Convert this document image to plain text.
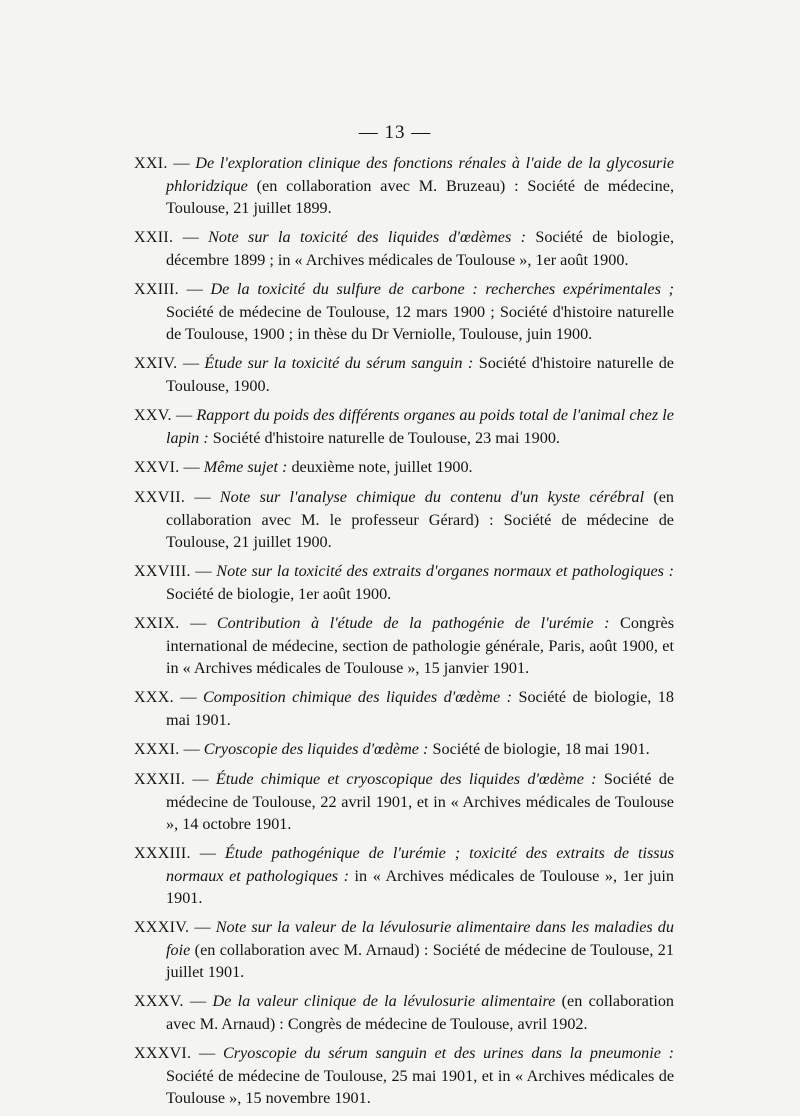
— 13 —

XXI. — De l'exploration clinique des fonctions rénales à l'aide de la glycosurie phloridzique (en collaboration avec M. Bruzeau) : Société de médecine, Toulouse, 21 juillet 1899.

XXII. — Note sur la toxicité des liquides d'œdèmes : Société de biologie, décembre 1899 ; in « Archives médicales de Toulouse », 1er août 1900.

XXIII. — De la toxicité du sulfure de carbone : recherches expérimentales ; Société de médecine de Toulouse, 12 mars 1900 ; Société d'histoire naturelle de Toulouse, 1900 ; in thèse du Dr Verniolle, Toulouse, juin 1900.

XXIV. — Étude sur la toxicité du sérum sanguin : Société d'histoire naturelle de Toulouse, 1900.

XXV. — Rapport du poids des différents organes au poids total de l'animal chez le lapin : Société d'histoire naturelle de Toulouse, 23 mai 1900.

XXVI. — Même sujet : deuxième note, juillet 1900.

XXVII. — Note sur l'analyse chimique du contenu d'un kyste cérébral (en collaboration avec M. le professeur Gérard) : Société de médecine de Toulouse, 21 juillet 1900.

XXVIII. — Note sur la toxicité des extraits d'organes normaux et pathologiques : Société de biologie, 1er août 1900.

XXIX. — Contribution à l'étude de la pathogénie de l'urémie : Congrès international de médecine, section de pathologie générale, Paris, août 1900, et in « Archives médicales de Toulouse », 15 janvier 1901.

XXX. — Composition chimique des liquides d'œdème : Société de biologie, 18 mai 1901.

XXXI. — Cryoscopie des liquides d'œdème : Société de biologie, 18 mai 1901.

XXXII. — Étude chimique et cryoscopique des liquides d'œdème : Société de médecine de Toulouse, 22 avril 1901, et in « Archives médicales de Toulouse », 14 octobre 1901.

XXXIII. — Étude pathogénique de l'urémie ; toxicité des extraits de tissus normaux et pathologiques : in « Archives médicales de Toulouse », 1er juin 1901.

XXXIV. — Note sur la valeur de la lévulosurie alimentaire dans les maladies du foie (en collaboration avec M. Arnaud) : Société de médecine de Toulouse, 21 juillet 1901.

XXXV. — De la valeur clinique de la lévulosurie alimentaire (en collaboration avec M. Arnaud) : Congrès de médecine de Toulouse, avril 1902.

XXXVI. — Cryoscopie du sérum sanguin et des urines dans la pneumonie : Société de médecine de Toulouse, 25 mai 1901, et in « Archives médicales de Toulouse », 15 novembre 1901.
